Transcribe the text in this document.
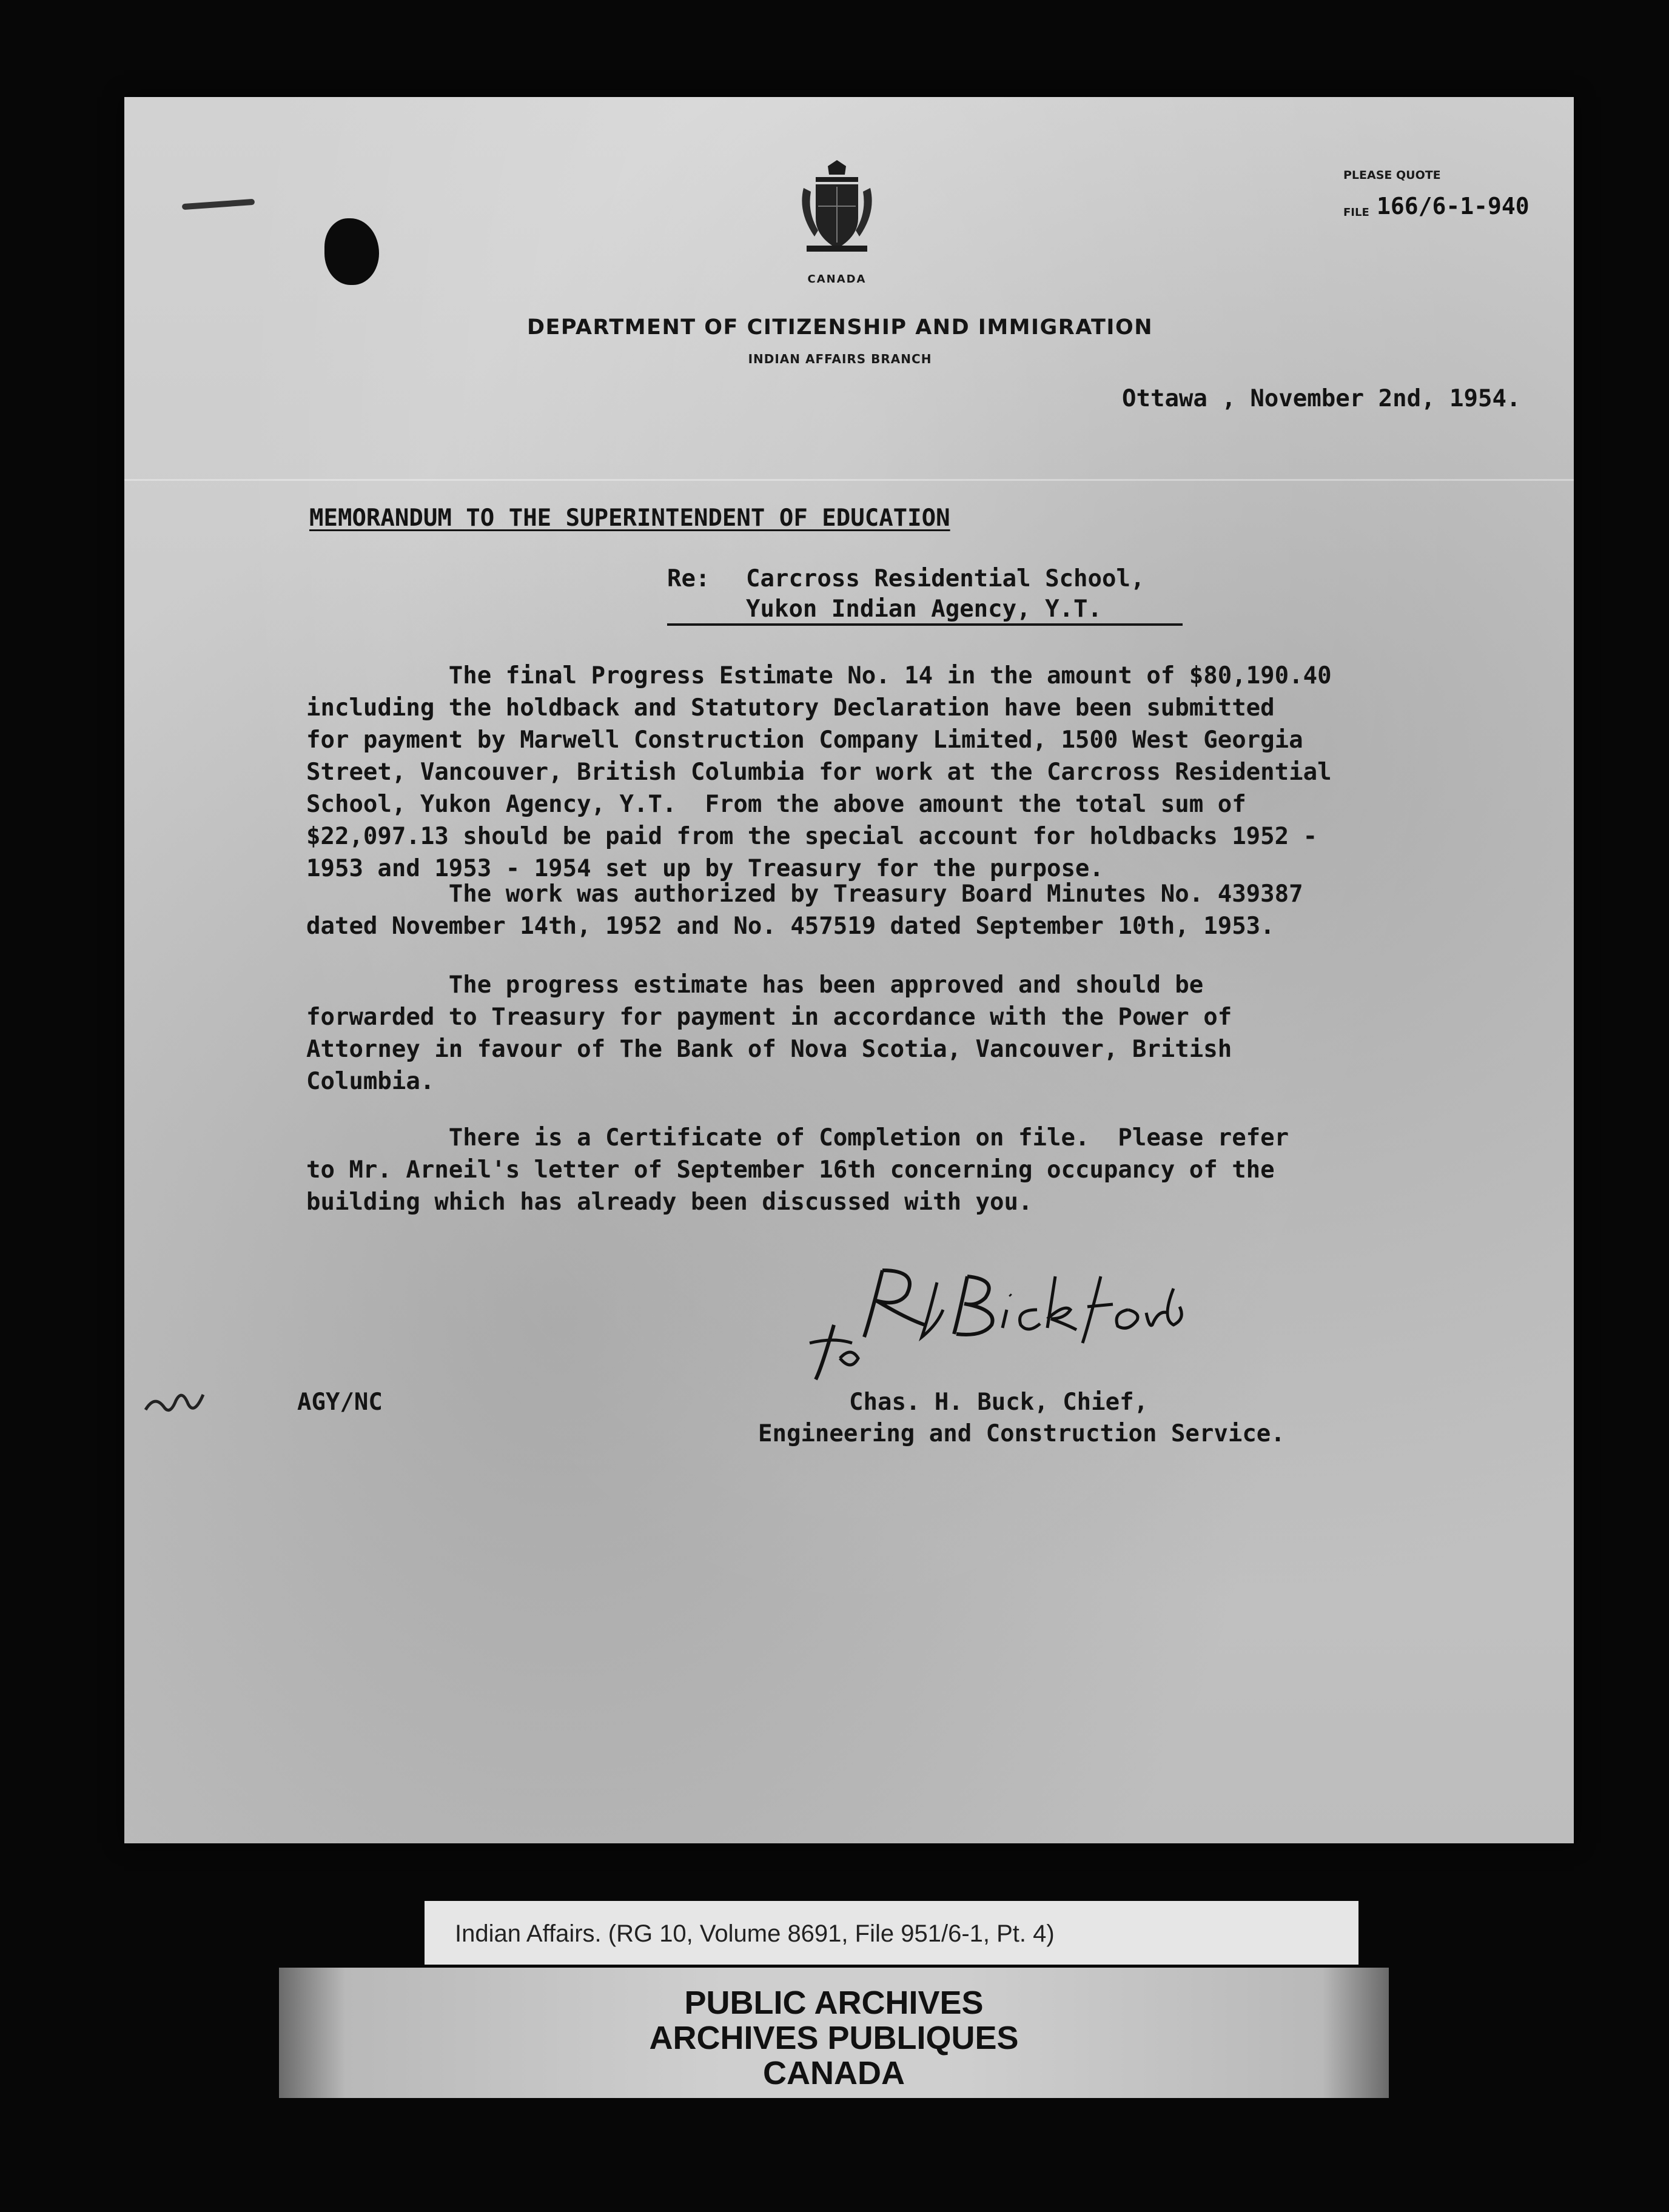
CANADA
DEPARTMENT OF CITIZENSHIP AND IMMIGRATION
INDIAN AFFAIRS BRANCH
PLEASE QUOTE
FILE 166/6-1-940
Ottawa , November 2nd, 1954.
MEMORANDUM TO THE SUPERINTENDENT OF EDUCATION
Re: Carcross Residential School,
Yukon Indian Agency, Y.T.
The final Progress Estimate No. 14 in the amount of $80,190.40
including the holdback and Statutory Declaration have been submitted
for payment by Marwell Construction Company Limited, 1500 West Georgia
Street, Vancouver, British Columbia for work at the Carcross Residential
School, Yukon Agency, Y.T.  From the above amount the total sum of
$22,097.13 should be paid from the special account for holdbacks 1952 -
1953 and 1953 - 1954 set up by Treasury for the purpose.
The work was authorized by Treasury Board Minutes No. 439387
dated November 14th, 1952 and No. 457519 dated September 10th, 1953.
The progress estimate has been approved and should be
forwarded to Treasury for payment in accordance with the Power of
Attorney in favour of The Bank of Nova Scotia, Vancouver, British
Columbia.
There is a Certificate of Completion on file.  Please refer
to Mr. Arneil's letter of September 16th concerning occupancy of the
building which has already been discussed with you.
AGY/NC	Chas. H. Buck, Chief,
Engineering and Construction Service.
Indian Affairs. (RG 10, Volume 8691, File 951/6-1, Pt. 4)
PUBLIC ARCHIVES
ARCHIVES PUBLIQUES
CANADA
